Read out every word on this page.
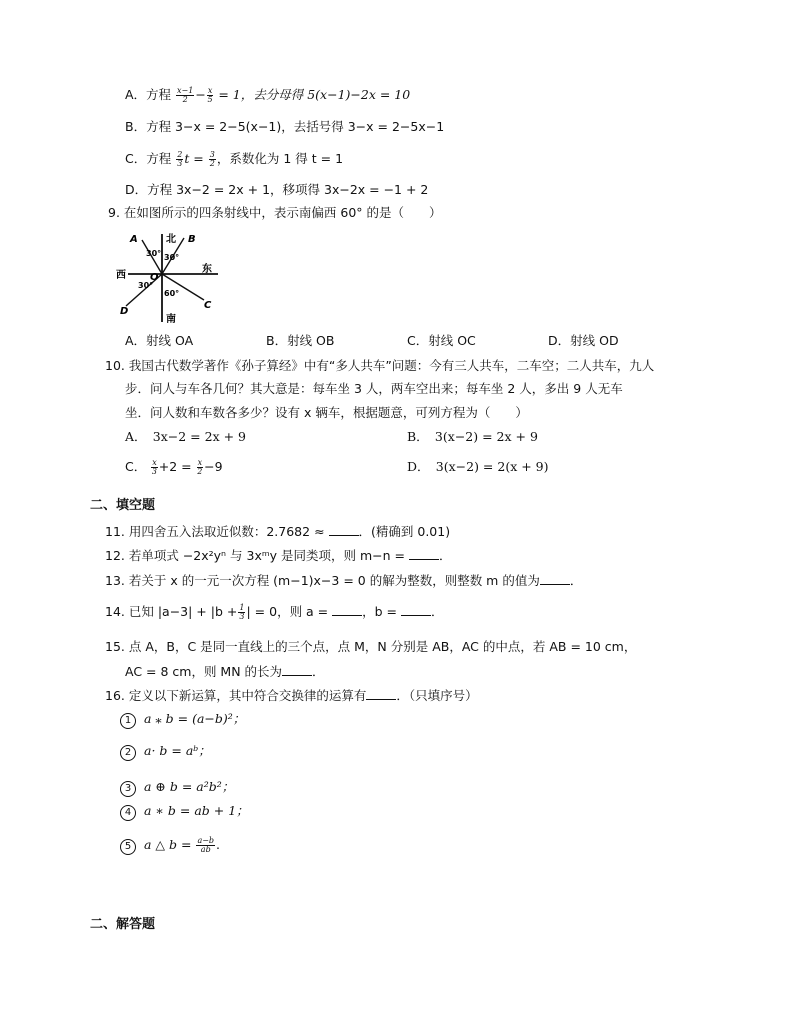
A．方程 $\frac{x-1}{2} - \frac{x}{5} = 1$，去分母得 5(x−1)−2x = 10
B．方程 3−x = 2−5(x−1)，去括号得 3−x = 2−5x−1
C．方程 $\frac{2}{3}$ $t = \frac{3}{2}$ ，系数化为 1 得 t = 1
D．方程 3x−2 = 2x + 1，移项得 3x−2x = −1 + 2
9. 在如图所示的四条射线中，表示南偏西 60° 的是（　　）
北
南
东
西
A	B
C
D
O
30° 30°
30°
60°
A．射线 OA	B．射线 OB	C．射线 OC	D．射线 OD
10. 我国古代数学著作《孙子算经》中有“多人共车”问题：今有三人共车，二车空；二人共车，九人
步．问人与车各几何？其大意是：每车坐 3 人，两车空出来；每车坐 2 人，多出 9 人无车
坐．问人数和车数各多少？设有 x 辆车，根据题意，可列方程为（　　）
A．　3x−2 = 2x + 9	B．　3(x−2) = 2x + 9
C． $\frac{x}{3} +2 = \frac{x}{2} -9$	D．　3(x−2) = 2(x + 9)
二、填空题
11. 用四舍五入法取近似数：2.7682 ≈	．(精确到 0.01)
12. 若单项式 −2x²yⁿ 与 3xᵐy 是同类项，则 m−n =	．
13. 若关于 x 的一元一次方程 (m−1)x−3 = 0 的解为整数，则整数 m 的值为 ．
14. 已知 $|a-3| + |b + \frac{1}{3}$ | = 0，则 a =	，b =	．
15. 点 A，B，C 是同一直线上的三个点，点 M，N 分别是 AB，AC 的中点，若 AB = 10 cm，
AC = 8 cm，则 MN 的长为 ．
16. 定义以下新运算，其中符合交换律的运算有 ．（只填序号）
1 a ⁎ b = (a−b)²；
2 a· b = aᵇ；
3 a ⊕ b = a²b²；
4 a ∗ b = ab + 1；
5 a △ $b = \frac{a-b}{ab}$ .
二、解答题
